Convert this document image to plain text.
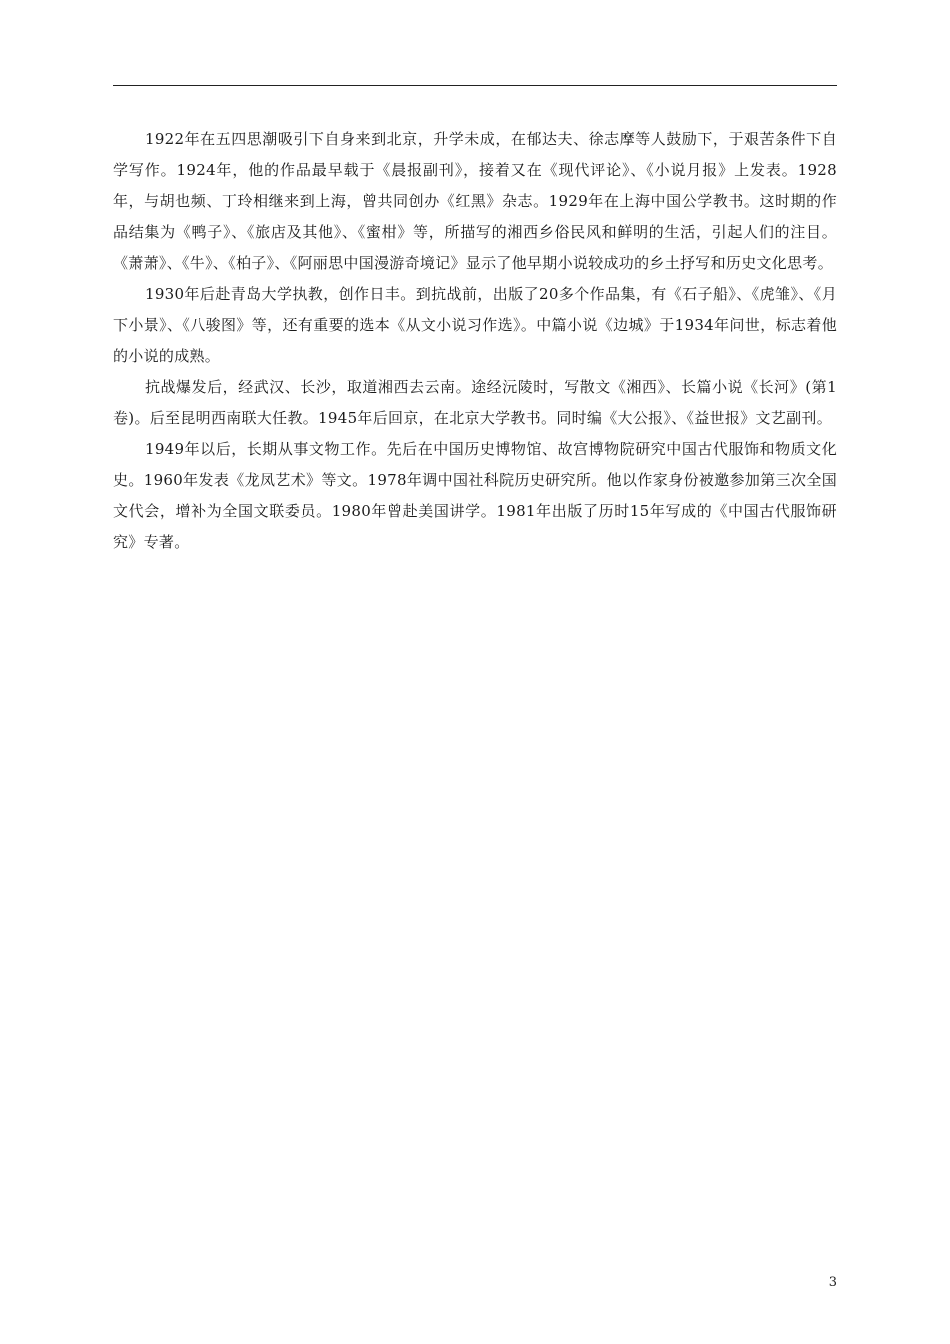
1922年在五四思潮吸引下自身来到北京，升学未成，在郁达夫、徐志摩等人鼓励下，于艰苦条件下自学写作。1924年，他的作品最早载于《晨报副刊》，接着又在《现代评论》、《小说月报》上发表。1928年，与胡也频、丁玲相继来到上海，曾共同创办《红黑》杂志。1929年在上海中国公学教书。这时期的作品结集为《鸭子》、《旅店及其他》、《蜜柑》等，所描写的湘西乡俗民风和鲜明的生活，引起人们的注目。《萧萧》、《牛》、《柏子》、《阿丽思中国漫游奇境记》显示了他早期小说较成功的乡土抒写和历史文化思考。

1930年后赴青岛大学执教，创作日丰。到抗战前，出版了20多个作品集，有《石子船》、《虎雏》、《月下小景》、《八骏图》等，还有重要的选本《从文小说习作选》。中篇小说《边城》于1934年问世，标志着他的小说的成熟。

抗战爆发后，经武汉、长沙，取道湘西去云南。途经沅陵时，写散文《湘西》、长篇小说《长河》(第1卷)。后至昆明西南联大任教。1945年后回京，在北京大学教书。同时编《大公报》、《益世报》文艺副刊。

1949年以后，长期从事文物工作。先后在中国历史博物馆、故宫博物院研究中国古代服饰和物质文化史。1960年发表《龙凤艺术》等文。1978年调中国社科院历史研究所。他以作家身份被邀参加第三次全国文代会，增补为全国文联委员。1980年曾赴美国讲学。1981年出版了历时15年写成的《中国古代服饰研究》专著。

3
